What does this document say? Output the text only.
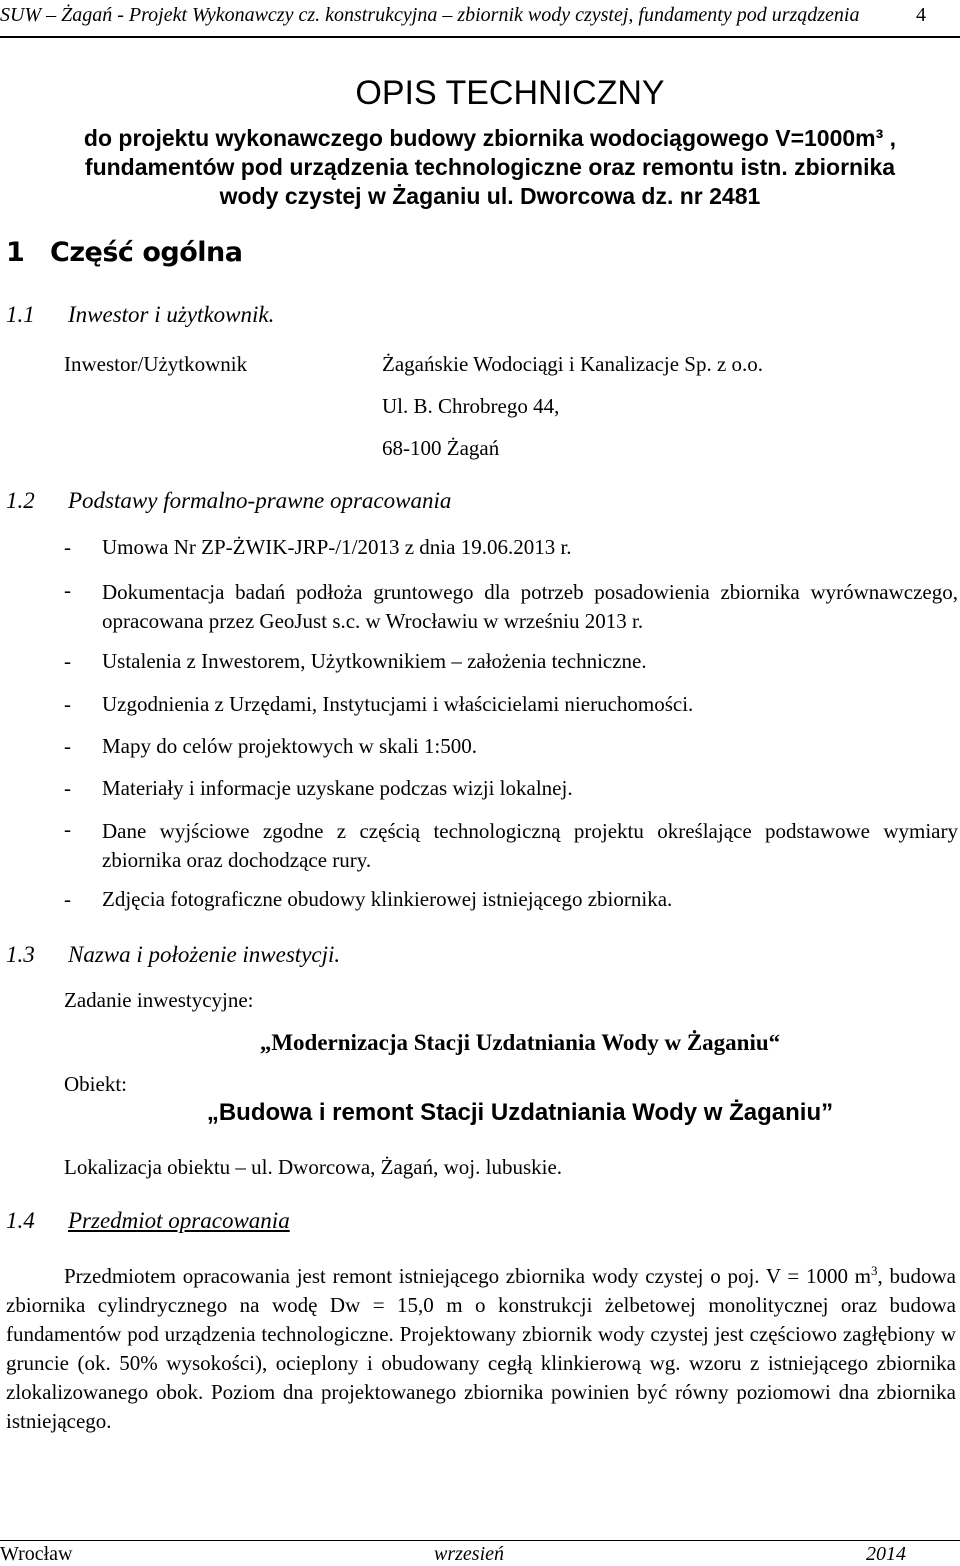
SUW – Żagań - Projekt Wykonawczy cz. konstrukcyjna – zbiornik wody czystej, fundamenty pod urządzenia	4
OPIS TECHNICZNY
do projektu wykonawczego budowy zbiornika wodociągowego V=1000m³ ,
fundamentów pod urządzenia technologiczne oraz remontu istn. zbiornika
wody czystej w Żaganiu ul. Dworcowa dz. nr 2481
1 Część ogólna
1.1	Inwestor i użytkownik.
Inwestor/Użytkownik	Żagańskie Wodociągi i Kanalizacje Sp. z o.o.
Ul. B. Chrobrego 44,
68-100 Żagań
1.2	Podstawy formalno-prawne opracowania
- Umowa Nr ZP-ŻWIK-JRP-/1/2013 z dnia 19.06.2013 r.
- Dokumentacja badań podłoża gruntowego dla potrzeb posadowienia zbiornika wyrównawczego, opracowana przez GeoJust s.c. w Wrocławiu w wrześniu 2013 r.
- Ustalenia z Inwestorem, Użytkownikiem – założenia techniczne.
- Uzgodnienia z Urzędami, Instytucjami i właścicielami nieruchomości.
- Mapy do celów projektowych w skali 1:500.
- Materiały i informacje uzyskane podczas wizji lokalnej.
- Dane wyjściowe zgodne z częścią technologiczną projektu określające podstawowe wymiary zbiornika oraz dochodzące rury.
- Zdjęcia fotograficzne obudowy klinkierowej istniejącego zbiornika.
1.3	Nazwa i położenie inwestycji.
Zadanie inwestycyjne:
„Modernizacja Stacji Uzdatniania Wody w Żaganiu“
Obiekt:
„Budowa i remont Stacji Uzdatniania Wody w Żaganiu”
Lokalizacja obiektu – ul. Dworcowa, Żagań, woj. lubuskie.
1.4	Przedmiot opracowania
Przedmiotem opracowania jest remont istniejącego zbiornika wody czystej o poj. V = 1000 $m^3$, budowa zbiornika cylindrycznego na wodę Dw = 15,0 m o konstrukcji żelbetowej monolitycznej oraz budowa fundamentów pod urządzenia technologiczne. Projektowany zbiornik wody czystej jest częściowo zagłębiony w gruncie (ok. 50% wysokości), ocieplony i obudowany cegłą klinkierową wg. wzoru z istniejącego zbiornika zlokalizowanego obok. Poziom dna projektowanego zbiornika powinien być równy poziomowi dna zbiornika istniejącego.
Wrocław	wrzesień	2014
